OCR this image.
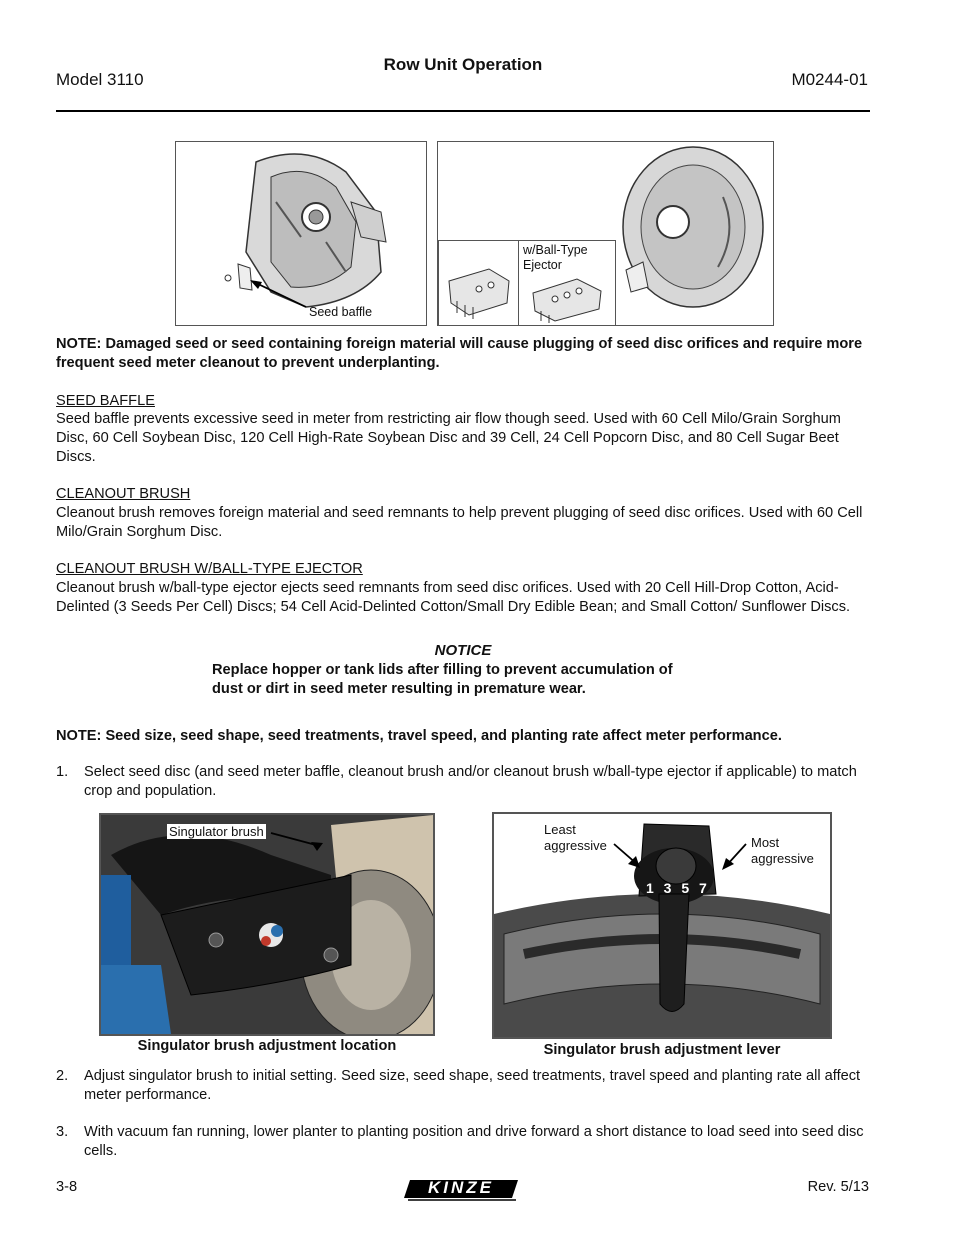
Model 3110
Row Unit Operation
M0244-01
Seed baffle
w/Ball-Type
Ejector
NOTE: Damaged seed or seed containing foreign material will cause plugging of seed disc orifices and require more frequent seed meter cleanout to prevent underplanting.
SEED BAFFLE
Seed baffle prevents excessive seed in meter from restricting air flow though seed. Used with 60 Cell Milo/Grain Sorghum Disc, 60 Cell Soybean Disc, 120 Cell High-Rate Soybean Disc and 39 Cell, 24 Cell Popcorn Disc, and 80 Cell Sugar Beet Discs.
CLEANOUT BRUSH
Cleanout brush removes foreign material and seed remnants to help prevent plugging of seed disc orifices. Used with 60 Cell Milo/Grain Sorghum Disc.
CLEANOUT BRUSH W/BALL-TYPE EJECTOR
Cleanout brush w/ball-type ejector ejects seed remnants from seed disc orifices. Used with 20 Cell Hill-Drop Cotton, Acid-Delinted (3 Seeds Per Cell) Discs; 54 Cell Acid-Delinted Cotton/Small Dry Edible Bean; and Small Cotton/ Sunflower Discs.
NOTICE
Replace hopper or tank lids after filling to prevent accumulation of
dust or dirt in seed meter resulting in premature wear.
NOTE: Seed size, seed shape, seed treatments, travel speed, and planting rate affect meter performance.
1. Select seed disc (and seed meter baffle, cleanout brush and/or cleanout brush w/ball-type ejector if applicable) to match crop and population.
Singulator brush
Singulator brush adjustment location
1 3 5 7 9
Least
aggressive	Most
aggressive
Singulator brush adjustment lever
2. Adjust singulator brush to initial setting. Seed size, seed shape, seed treatments, travel speed and planting rate all affect meter performance.
3. With vacuum fan running, lower planter to planting position and drive forward a short distance to load seed into seed disc cells.
3-8	KINZE	Rev. 5/13
